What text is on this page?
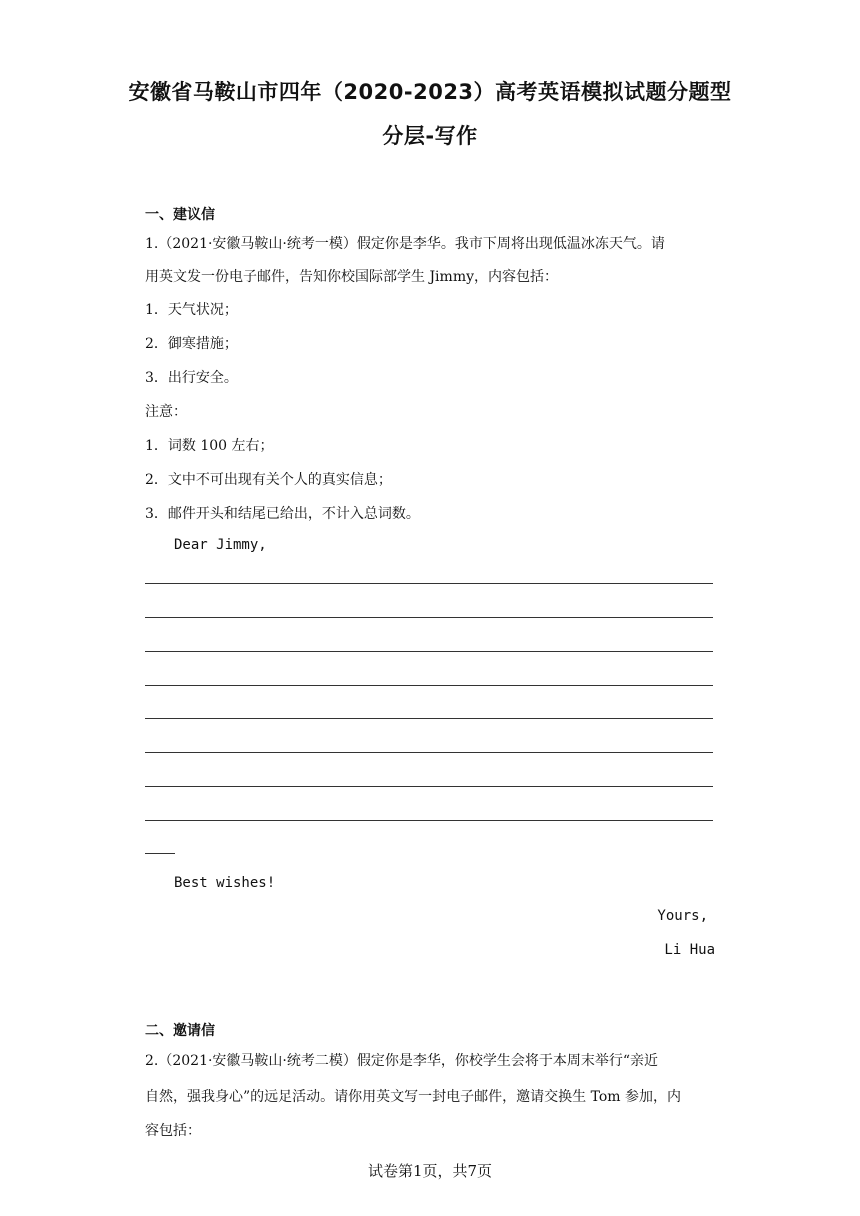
安徽省马鞍山市四年（2020-2023）高考英语模拟试题分题型
分层-写作
一、建议信
1.（2021·安徽马鞍山·统考一模）假定你是李华。我市下周将出现低温冰冻天气。请
用英文发一份电子邮件，告知你校国际部学生 Jimmy，内容包括：
1．天气状况；
2．御寒措施；
3．出行安全。
注意：
1．词数 100 左右；
2．文中不可出现有关个人的真实信息；
3．邮件开头和结尾已给出，不计入总词数。
Dear Jimmy,
Best wishes!
Yours,
Li Hua
二、邀请信
2.（2021·安徽马鞍山·统考二模）假定你是李华，你校学生会将于本周末举行“亲近
自然，强我身心”的远足活动。请你用英文写一封电子邮件，邀请交换生 Tom 参加，内
容包括：
试卷第1页，共7页
